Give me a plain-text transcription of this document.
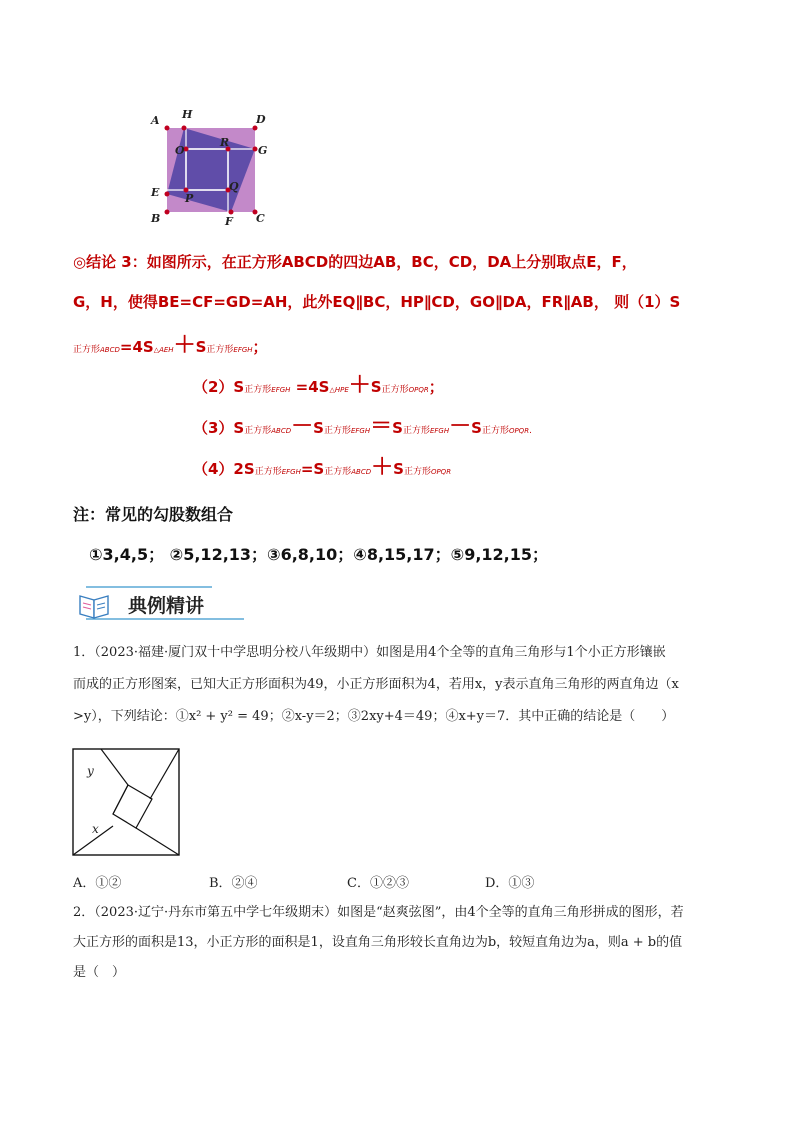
A	D
H
R
O	G
E P
Q
B	F C
◎结论 3：如图所示，在正方形ABCD的四边AB，BC，CD，DA上分别取点E，F，
G，H，使得BE=CF=GD=AH，此外EQ∥BC，HP∥CD，GO∥DA，FR∥AB， 则（1）S
正方形ABCD=4S△AEH＋S正方形EFGH；
（2）S正方形EFGH =4S△HPE＋S正方形OPQR；
（3）S正方形ABCD－S正方形EFGH＝S正方形EFGH－S正方形OPQR.
（4）2S正方形EFGH=S正方形ABCD＋S正方形OPQR
注：常见的勾股数组合
①3,4,5； ②5,12,13；③6,8,10；④8,15,17；⑤9,12,15；
典例精讲
1．（2023·福建·厦门双十中学思明分校八年级期中）如图是用4个全等的直角三角形与1个小正方形镶嵌
而成的正方形图案，已知大正方形面积为49，小正方形面积为4，若用x，y表示直角三角形的两直角边（x
>y），下列结论：①x² + y² = 49；②x-y＝2；③2xy+4＝49；④x+y＝7．其中正确的结论是（　　）
y
x
A．①②	B．②④	C．①②③	D．①③
2．（2023·辽宁·丹东市第五中学七年级期末）如图是“赵爽弦图”，由4个全等的直角三角形拼成的图形，若
大正方形的面积是13，小正方形的面积是1，设直角三角形较长直角边为b，较短直角边为a，则a + b的值
是（　）
